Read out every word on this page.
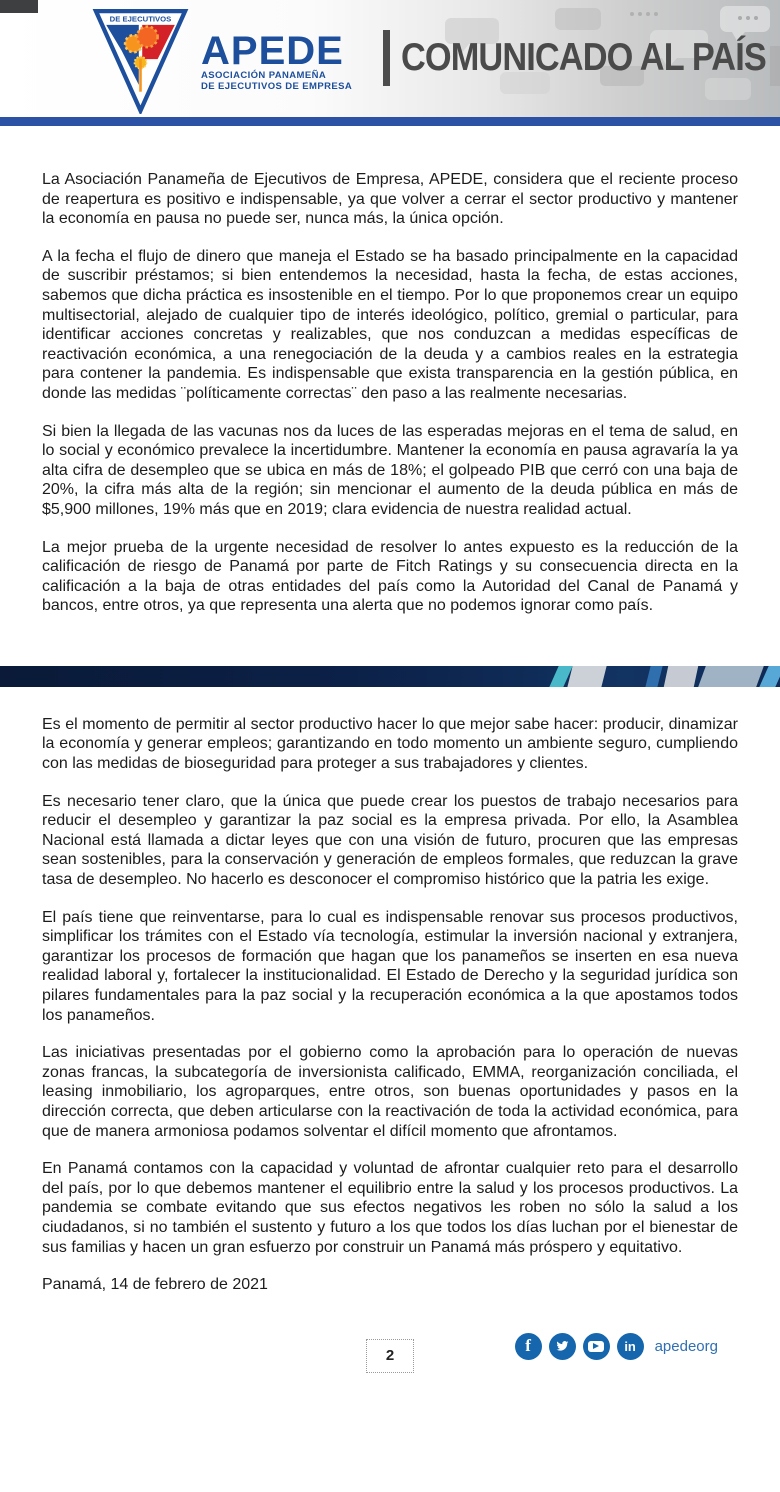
DE EJECUTIVOS
APEDE
ASOCIACIÓN PANAMEÑA
DE EJECUTIVOS DE EMPRESA
COMUNICADO AL PAÍS

La Asociación Panameña de Ejecutivos de Empresa, APEDE, considera que el reciente proceso de reapertura es positivo e indispensable, ya que volver a cerrar el sector productivo y mantener la economía en pausa no puede ser, nunca más, la única opción.

A la fecha el flujo de dinero que maneja el Estado se ha basado principalmente en la capacidad de suscribir préstamos; si bien entendemos la necesidad, hasta la fecha, de estas acciones, sabemos que dicha práctica es insostenible en el tiempo. Por lo que proponemos crear un equipo multisectorial, alejado de cualquier tipo de interés ideológico, político, gremial o particular, para identificar acciones concretas y realizables, que nos conduzcan a medidas específicas de reactivación económica, a una renegociación de la deuda y a cambios reales en la estrategia para contener la pandemia. Es indispensable que exista transparencia en la gestión pública, en donde las medidas ¨políticamente correctas¨ den paso a las realmente necesarias.

Si bien la llegada de las vacunas nos da luces de las esperadas mejoras en el tema de salud, en lo social y económico prevalece la incertidumbre. Mantener la economía en pausa agravaría la ya alta cifra de desempleo que se ubica en más de 18%; el golpeado PIB que cerró con una baja de 20%, la cifra más alta de la región; sin mencionar el aumento de la deuda pública en más de $5,900 millones, 19% más que en 2019; clara evidencia de nuestra realidad actual.

La mejor prueba de la urgente necesidad de resolver lo antes expuesto es la reducción de la calificación de riesgo de Panamá por parte de Fitch Ratings y su consecuencia directa en la calificación a la baja de otras entidades del país como la Autoridad del Canal de Panamá y bancos, entre otros, ya que representa una alerta que no podemos ignorar como país.

Es el momento de permitir al sector productivo hacer lo que mejor sabe hacer: producir, dinamizar la economía y generar empleos; garantizando en todo momento un ambiente seguro, cumpliendo con las medidas de bioseguridad para proteger a sus trabajadores y clientes.

Es necesario tener claro, que la única que puede crear los puestos de trabajo necesarios para reducir el desempleo y garantizar la paz social es la empresa privada. Por ello, la Asamblea Nacional está llamada a dictar leyes que con una visión de futuro, procuren que las empresas sean sostenibles, para la conservación y generación de empleos formales, que reduzcan la grave tasa de desempleo. No hacerlo es desconocer el compromiso histórico que la patria les exige.

El país tiene que reinventarse, para lo cual es indispensable renovar sus procesos productivos, simplificar los trámites con el Estado vía tecnología, estimular la inversión nacional y extranjera, garantizar los procesos de formación que hagan que los panameños se inserten en esa nueva realidad laboral y, fortalecer la institucionalidad. El Estado de Derecho y la seguridad jurídica son pilares fundamentales para la paz social y la recuperación económica a la que apostamos todos los panameños.

Las iniciativas presentadas por el gobierno como la aprobación para lo operación de nuevas zonas francas, la subcategoría de inversionista calificado, EMMA, reorganización conciliada, el leasing inmobiliario, los agroparques, entre otros, son buenas oportunidades y pasos en la dirección correcta, que deben articularse con la reactivación de toda la actividad económica, para que de manera armoniosa podamos solventar el difícil momento que afrontamos.

En Panamá contamos con la capacidad y voluntad de afrontar cualquier reto para el desarrollo del país, por lo que debemos mantener el equilibrio entre la salud y los procesos productivos. La pandemia se combate evitando que sus efectos negativos les roben no sólo la salud a los ciudadanos, si no también el sustento y futuro a los que todos los días luchan por el bienestar de sus familias y hacen un gran esfuerzo por construir un Panamá más próspero y equitativo.

Panamá, 14 de febrero de 2021

2
f	in	apedeorg
